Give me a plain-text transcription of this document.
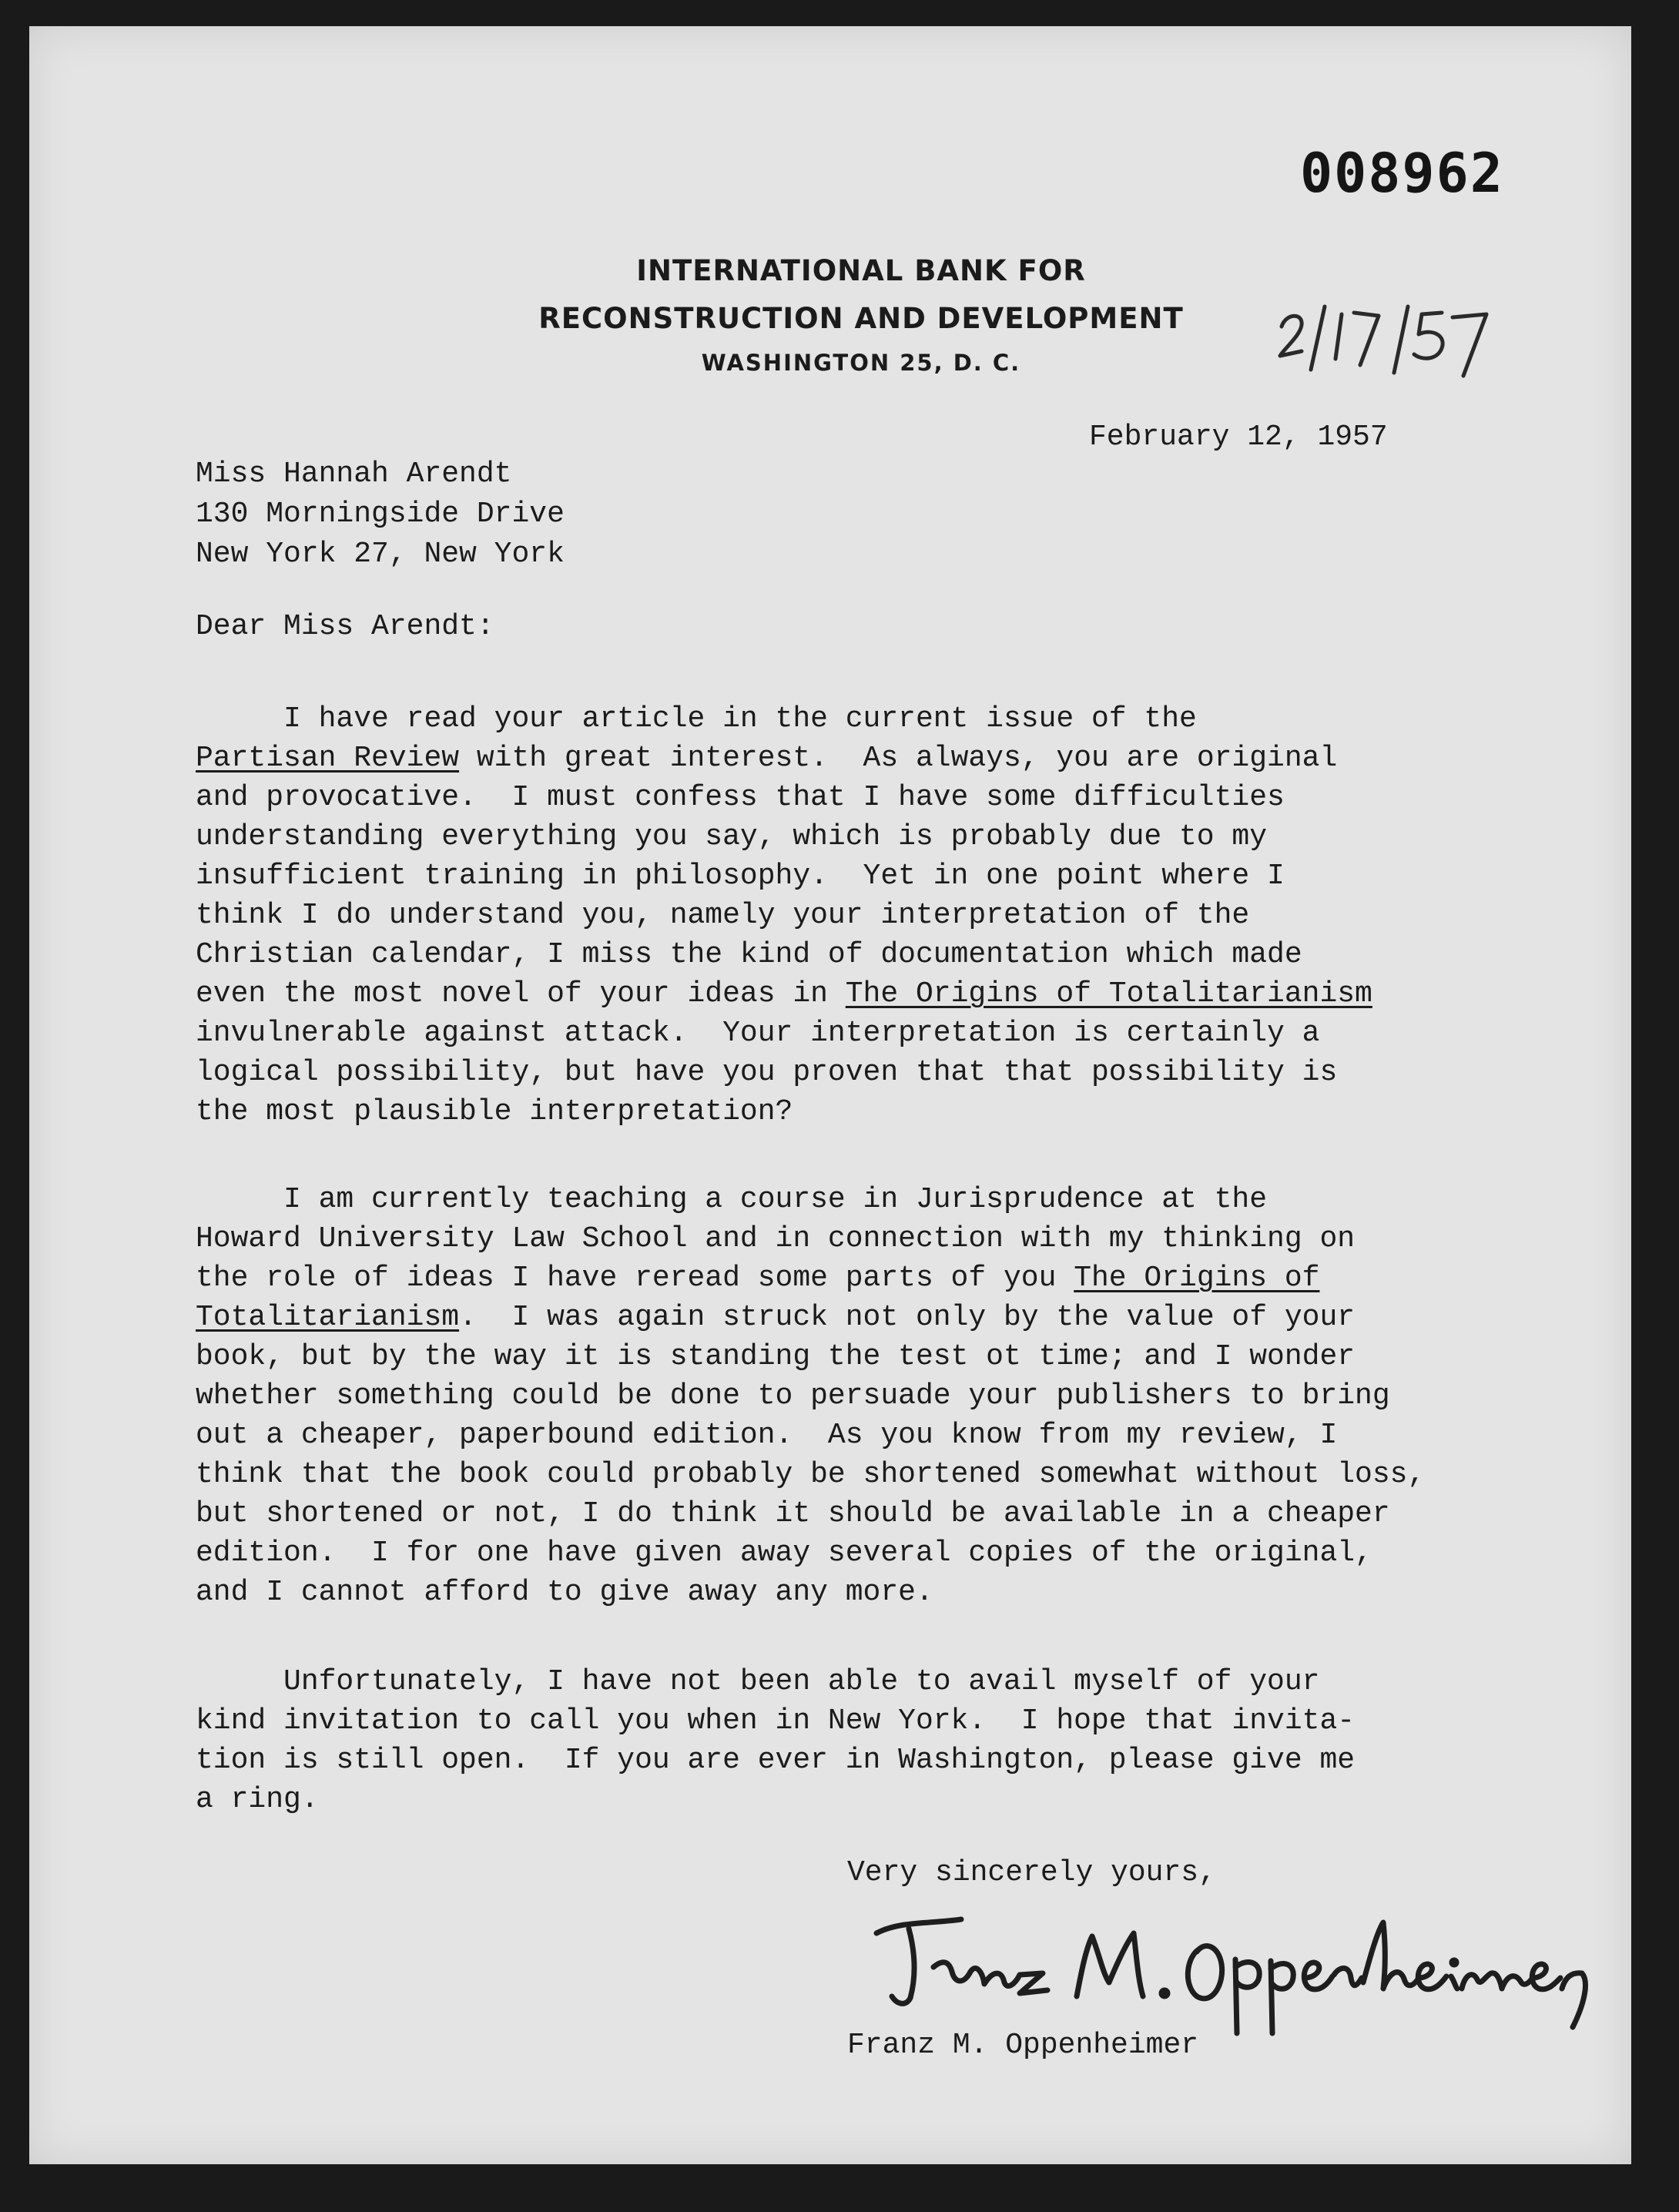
008962
INTERNATIONAL BANK FOR
RECONSTRUCTION AND DEVELOPMENT
WASHINGTON 25, D. C.
February 12, 1957
Miss Hannah Arendt
130 Morningside Drive
New York 27, New York
Dear Miss Arendt:
I have read your article in the current issue of the
Partisan Review with great interest.  As always, you are original
and provocative.  I must confess that I have some difficulties
understanding everything you say, which is probably due to my
insufficient training in philosophy.  Yet in one point where I
think I do understand you, namely your interpretation of the
Christian calendar, I miss the kind of documentation which made
even the most novel of your ideas in The Origins of Totalitarianism
invulnerable against attack.  Your interpretation is certainly a
logical possibility, but have you proven that that possibility is
the most plausible interpretation?
I am currently teaching a course in Jurisprudence at the
Howard University Law School and in connection with my thinking on
the role of ideas I have reread some parts of you The Origins of
Totalitarianism.  I was again struck not only by the value of your
book, but by the way it is standing the test ot time; and I wonder
whether something could be done to persuade your publishers to bring
out a cheaper, paperbound edition.  As you know from my review, I
think that the book could probably be shortened somewhat without loss,
but shortened or not, I do think it should be available in a cheaper
edition.  I for one have given away several copies of the original,
and I cannot afford to give away any more.
Unfortunately, I have not been able to avail myself of your
kind invitation to call you when in New York.  I hope that invita-
tion is still open.  If you are ever in Washington, please give me
a ring.
Very sincerely yours,
Franz M. Oppenheimer
